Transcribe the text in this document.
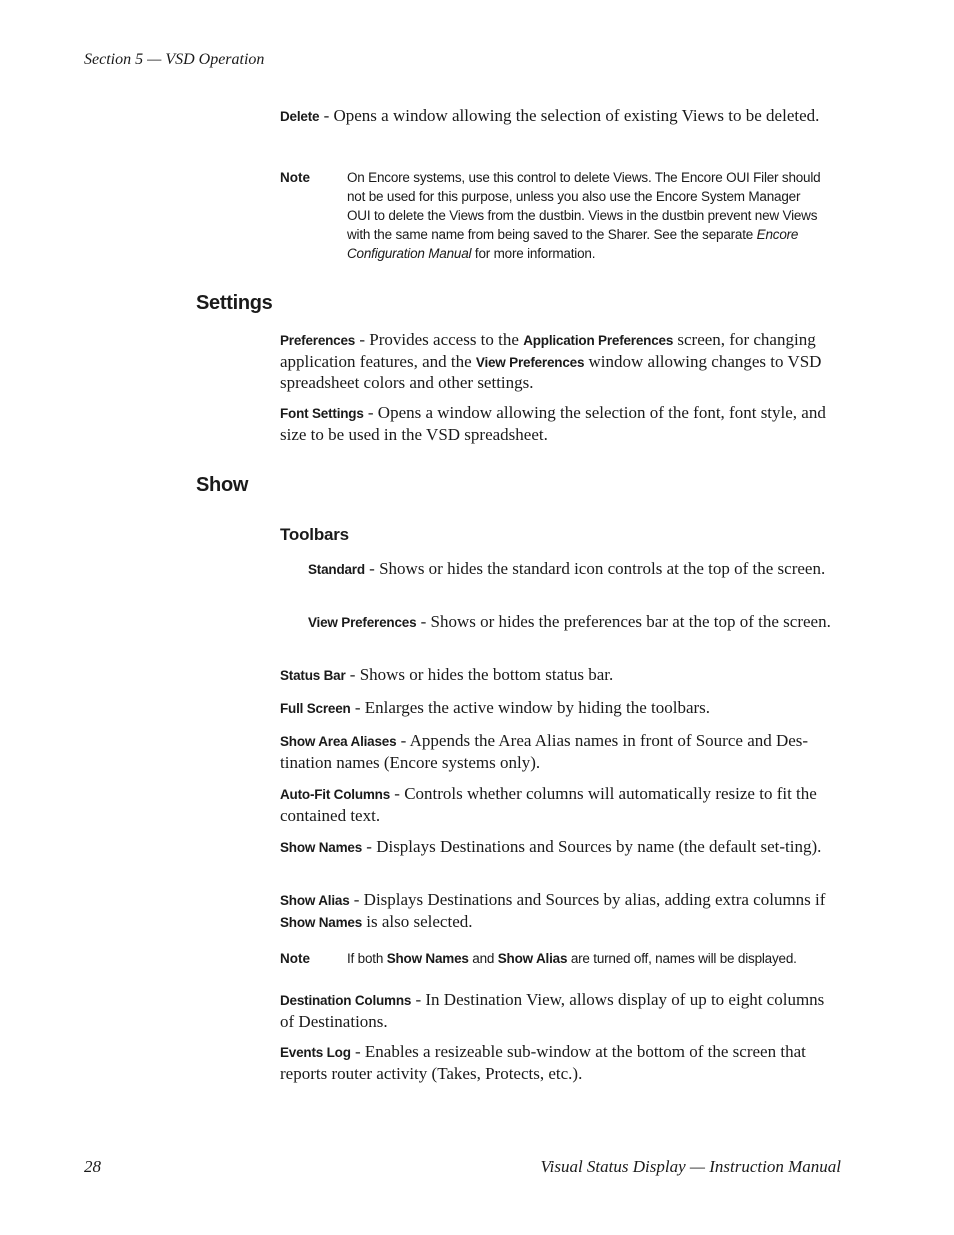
Section 5 — VSD Operation

Delete - Opens a window allowing the selection of existing Views to be deleted.

Note	On Encore systems, use this control to delete Views. The Encore OUI Filer should not be used for this purpose, unless you also use the Encore System Manager OUI to delete the Views from the dustbin. Views in the dustbin prevent new Views with the same name from being saved to the Sharer. See the separate Encore Configuration Manual for more information.

Settings

Preferences - Provides access to the Application Preferences screen, for changing application features, and the View Preferences window allowing changes to VSD spreadsheet colors and other settings.

Font Settings - Opens a window allowing the selection of the font, font style, and size to be used in the VSD spreadsheet.

Show
Toolbars

Standard - Shows or hides the standard icon controls at the top of the screen.

View Preferences - Shows or hides the preferences bar at the top of the screen.

Status Bar - Shows or hides the bottom status bar.

Full Screen - Enlarges the active window by hiding the toolbars.

Show Area Aliases - Appends the Area Alias names in front of Source and Des-tination names (Encore systems only).

Auto-Fit Columns - Controls whether columns will automatically resize to fit the contained text.

Show Names - Displays Destinations and Sources by name (the default set-ting).

Show Alias - Displays Destinations and Sources by alias, adding extra columns if Show Names is also selected.

Note	If both Show Names and Show Alias are turned off, names will be displayed.

Destination Columns - In Destination View, allows display of up to eight columns of Destinations.

Events Log - Enables a resizeable sub-window at the bottom of the screen that reports router activity (Takes, Protects, etc.).

28	Visual Status Display — Instruction Manual
